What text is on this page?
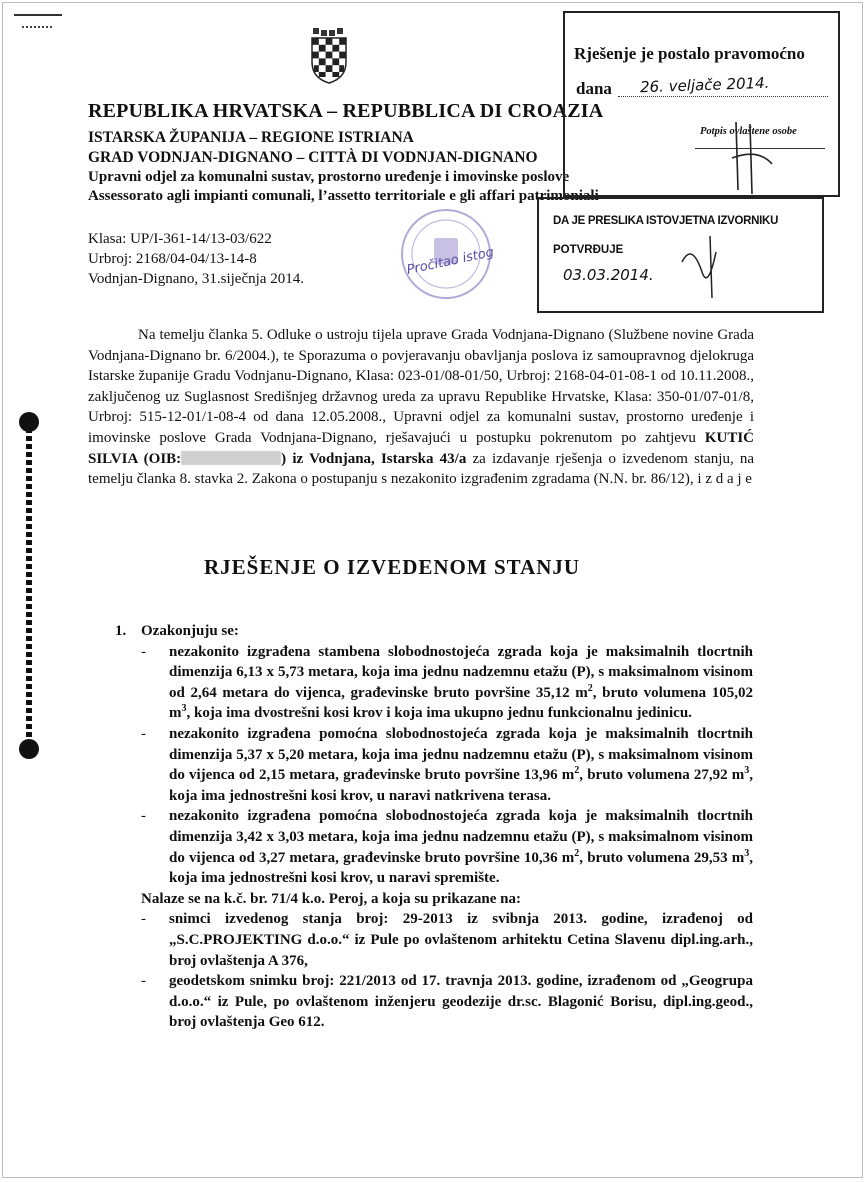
REPUBLIKA HRVATSKA – REPUBBLICA DI CROAZIA
ISTARSKA ŽUPANIJA – REGIONE ISTRIANA
GRAD VODNJAN-DIGNANO – CITTÀ DI VODNJAN-DIGNANO
Upravni odjel za komunalni sustav, prostorno uređenje i imovinske poslove
Assessorato agli impianti comunali, l’assetto territoriale e gli affari patrimoniali
Klasa: UP/I-361-14/13-03/622
Urbroj: 2168/04-04/13-14-8
Vodnjan-Dignano, 31.siječnja 2014.
Pročitao istog
Rješenje je postalo pravomoćno
dana 26. veljače 2014.
Potpis ovlaštene osobe
DA JE PRESLIKA ISTOVJETNA IZVORNIKU
POTVRĐUJE
03.03.2014.
Na temelju članka 5. Odluke o ustroju tijela uprave Grada Vodnjana-Dignano (Službene novine Grada Vodnjana-Dignano br. 6/2004.), te Sporazuma o povjeravanju obavljanja poslova iz samoupravnog djelokruga Istarske županije Gradu Vodnjanu-Dignano, Klasa: 023-01/08-01/50, Urbroj: 2168-04-01-08-1 od 10.11.2008., zaključenog uz Suglasnost Središnjeg državnog ureda za upravu Republike Hrvatske, Klasa: 350-01/07-01/8, Urbroj: 515-12-01/1-08-4 od dana 12.05.2008., Upravni odjel za komunalni sustav, prostorno uređenje i imovinske poslove Grada Vodnjana-Dignano, rješavajući u postupku pokrenutom po zahtjevu KUTIĆ SILVIA (OIB:	) iz Vodnjana, Istarska 43/a za izdavanje rješenja o izvedenom stanju, na temelju članka 8. stavka 2. Zakona o postupanju s nezakonito izgrađenim zgradama (N.N. br. 86/12), i z d a j e
RJEŠENJE O IZVEDENOM STANJU
1. Ozakonjuju se:
- nezakonito izgrađena stambena slobodnostojeća zgrada koja je maksimalnih tlocrtnih dimenzija 6,13 x 5,73 metara, koja ima jednu nadzemnu etažu (P), s maksimalnom visinom od 2,64 metara do vijenca, građevinske bruto površine 35,12 $m^2$, bruto volumena 105,02 $m^3$, koja ima dvostrešni kosi krov i koja ima ukupno jednu funkcionalnu jedinicu.
- nezakonito izgrađena pomoćna slobodnostojeća zgrada koja je maksimalnih tlocrtnih dimenzija 5,37 x 5,20 metara, koja ima jednu nadzemnu etažu (P), s maksimalnom visinom do vijenca od 2,15 metara, građevinske bruto površine 13,96 $m^2$, bruto volumena 27,92 $m^3$, koja ima jednostrešni kosi krov, u naravi natkrivena terasa.
- nezakonito izgrađena pomoćna slobodnostojeća zgrada koja je maksimalnih tlocrtnih dimenzija 3,42 x 3,03 metara, koja ima jednu nadzemnu etažu (P), s maksimalnom visinom do vijenca od 3,27 metara, građevinske bruto površine 10,36 $m^2$, bruto volumena 29,53 $m^3$, koja ima jednostrešni kosi krov, u naravi spremište.
Nalaze se na k.č. br. 71/4 k.o. Peroj, a koja su prikazane na:
- snimci izvedenog stanja broj: 29-2013 iz svibnja 2013. godine, izrađenoj od „S.C.PROJEKTING d.o.o.“ iz Pule po ovlaštenom arhitektu Cetina Slavenu dipl.ing.arh., broj ovlaštenja A 376,
- geodetskom snimku broj: 221/2013 od 17. travnja 2013. godine, izrađenom od „Geogrupa d.o.o.“ iz Pule, po ovlaštenom inženjeru geodezije dr.sc. Blagonić Borisu, dipl.ing.geod., broj ovlaštenja Geo 612.
